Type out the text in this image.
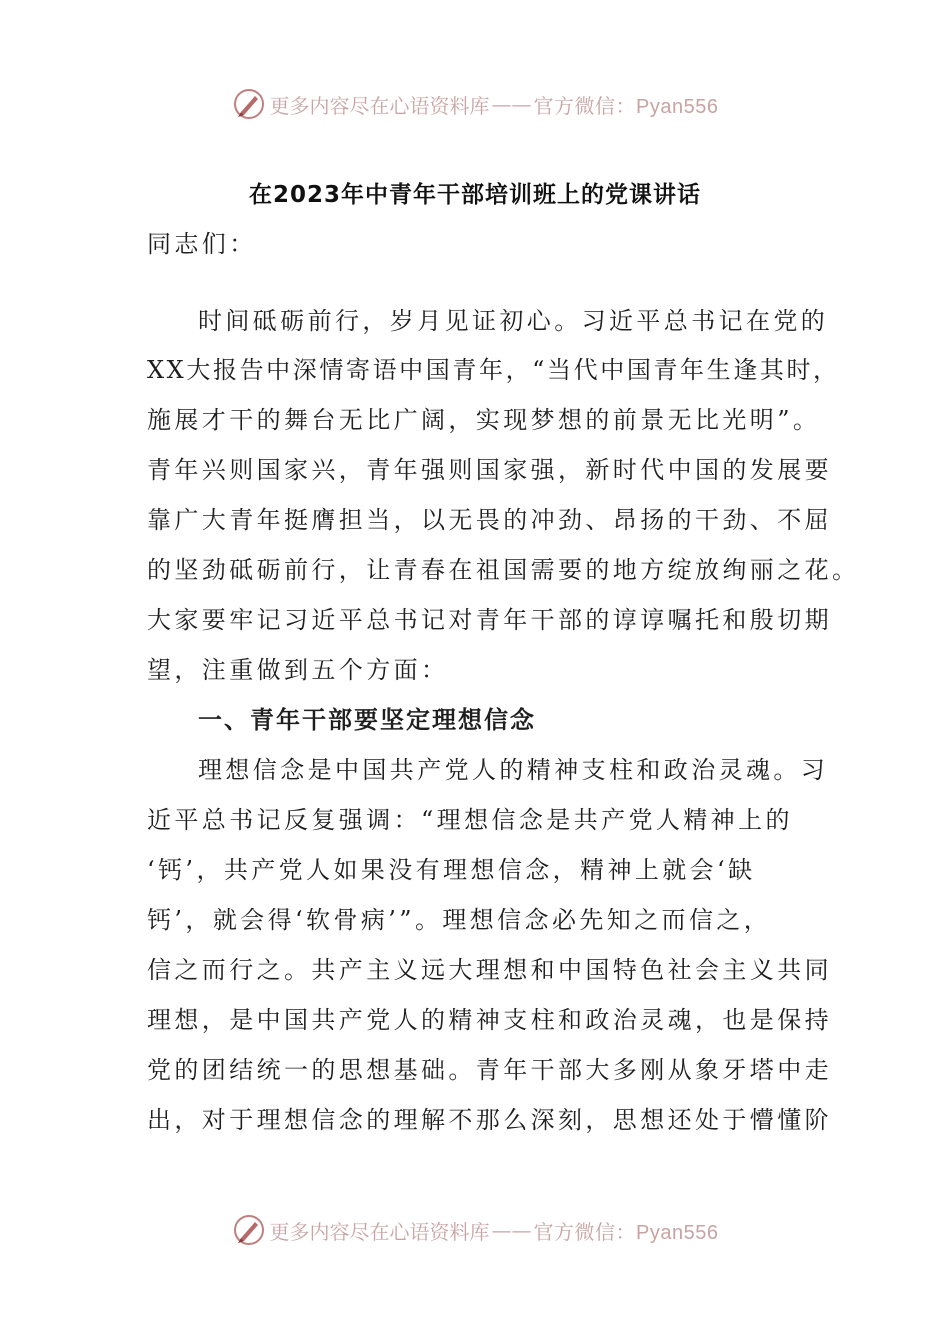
更多内容尽在心语资料库 —— 官方微信：Pyan556
在2023年中青年干部培训班上的党课讲话
同志们：
时间砥砺前行，岁月见证初心。习近平总书记在党的
XX大报告中深情寄语中国青年，“当代中国青年生逢其时，
施展才干的舞台无比广阔，实现梦想的前景无比光明”。
青年兴则国家兴，青年强则国家强，新时代中国的发展要
靠广大青年挺膺担当，以无畏的冲劲、昂扬的干劲、不屈
的坚劲砥砺前行，让青春在祖国需要的地方绽放绚丽之花。
大家要牢记习近平总书记对青年干部的谆谆嘱托和殷切期
望，注重做到五个方面：
一、青年干部要坚定理想信念
理想信念是中国共产党人的精神支柱和政治灵魂。习
近平总书记反复强调：“理想信念是共产党人精神上的
‘钙’，共产党人如果没有理想信念，精神上就会‘缺
钙’，就会得‘软骨病’”。理想信念必先知之而信之，
信之而行之。共产主义远大理想和中国特色社会主义共同
理想，是中国共产党人的精神支柱和政治灵魂，也是保持
党的团结统一的思想基础。青年干部大多刚从象牙塔中走
出，对于理想信念的理解不那么深刻，思想还处于懵懂阶
更多内容尽在心语资料库 —— 官方微信：Pyan556
